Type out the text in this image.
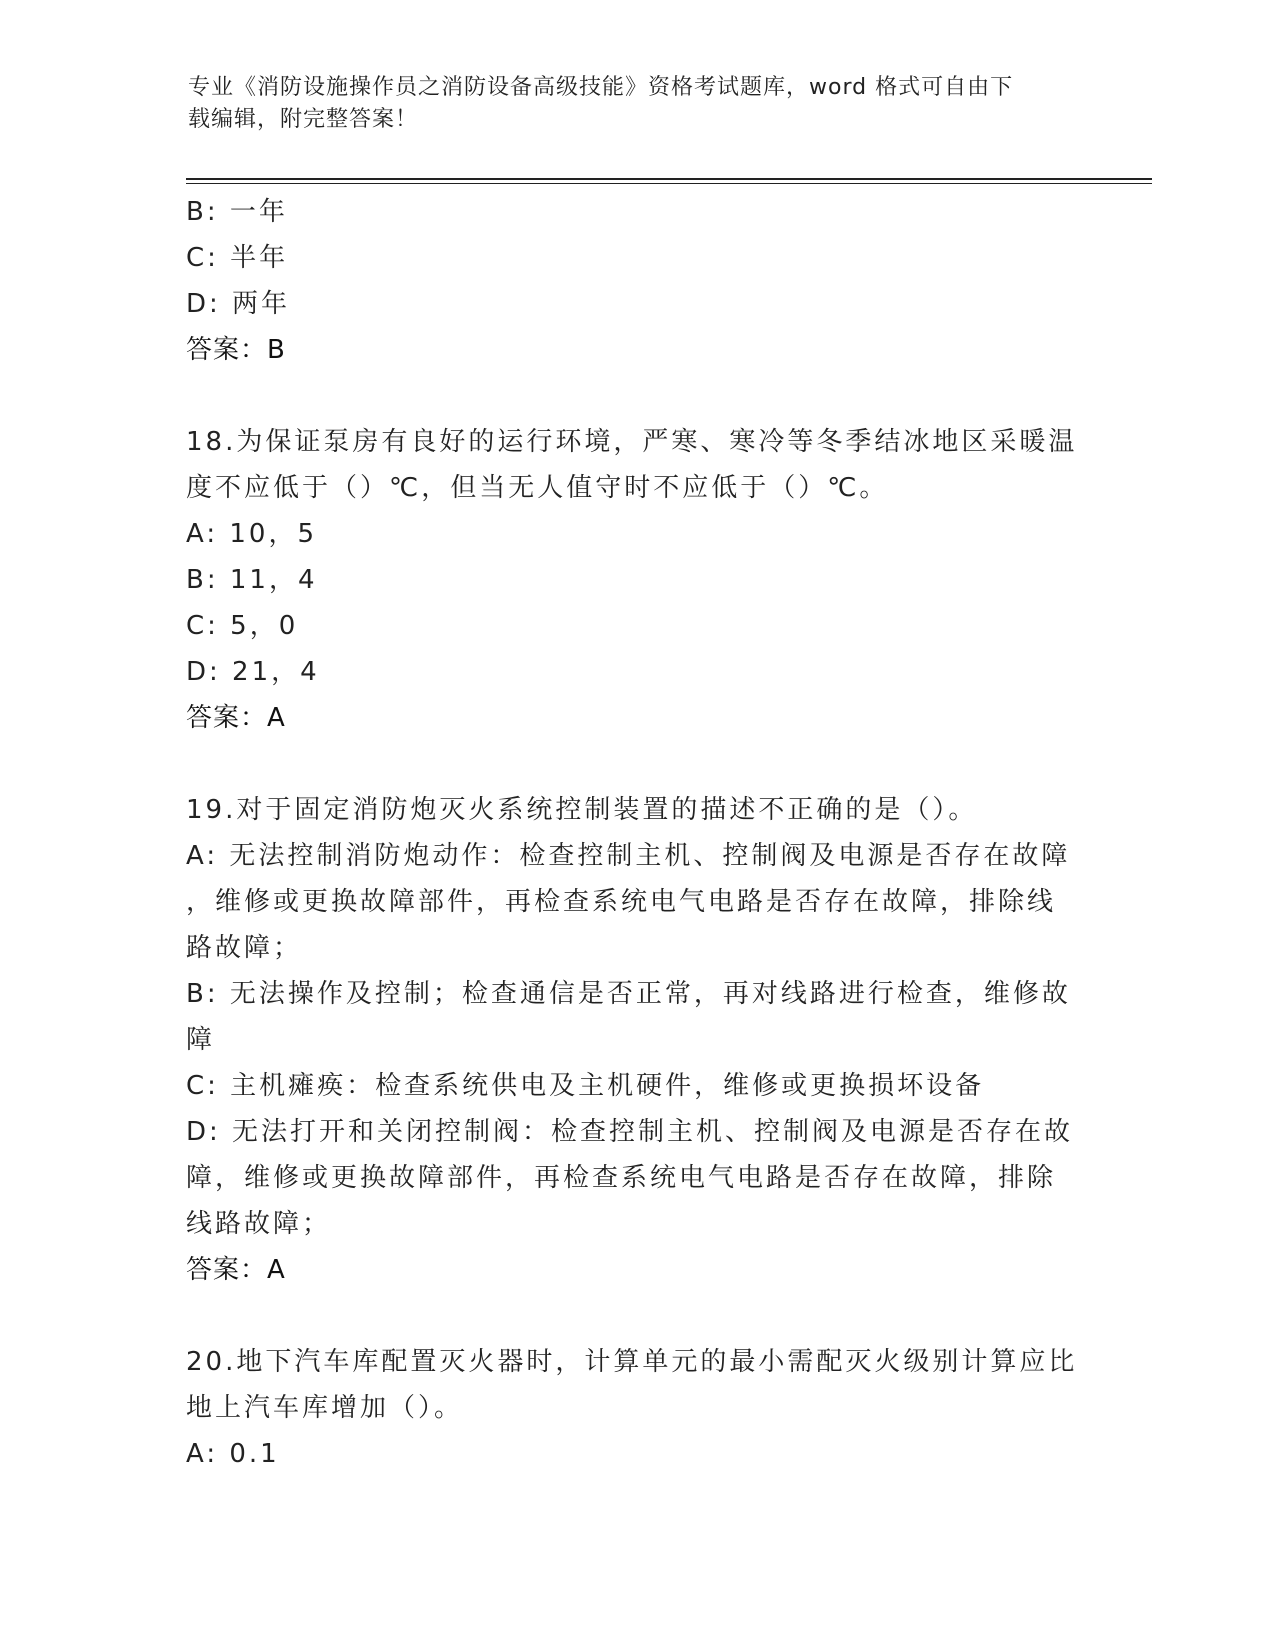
专业《消防设施操作员之消防设备高级技能》资格考试题库，word 格式可自由下
载编辑，附完整答案！
B: 一年
C: 半年
D: 两年
答案：B
18.为保证泵房有良好的运行环境，严寒、寒冷等冬季结冰地区采暖温
度不应低于（）℃，但当无人值守时不应低于（）℃。
A: 10，5
B: 11，4
C: 5，0
D: 21，4
答案：A
19.对于固定消防炮灭火系统控制装置的描述不正确的是（）。
A: 无法控制消防炮动作：检查控制主机、控制阀及电源是否存在故障
，维修或更换故障部件，再检查系统电气电路是否存在故障，排除线
路故障；
B: 无法操作及控制；检查通信是否正常，再对线路进行检查，维修故
障
C: 主机瘫痪：检查系统供电及主机硬件，维修或更换损坏设备
D: 无法打开和关闭控制阀：检查控制主机、控制阀及电源是否存在故
障，维修或更换故障部件，再检查系统电气电路是否存在故障，排除
线路故障；
答案：A
20.地下汽车库配置灭火器时，计算单元的最小需配灭火级别计算应比
地上汽车库增加（）。
A: 0.1
